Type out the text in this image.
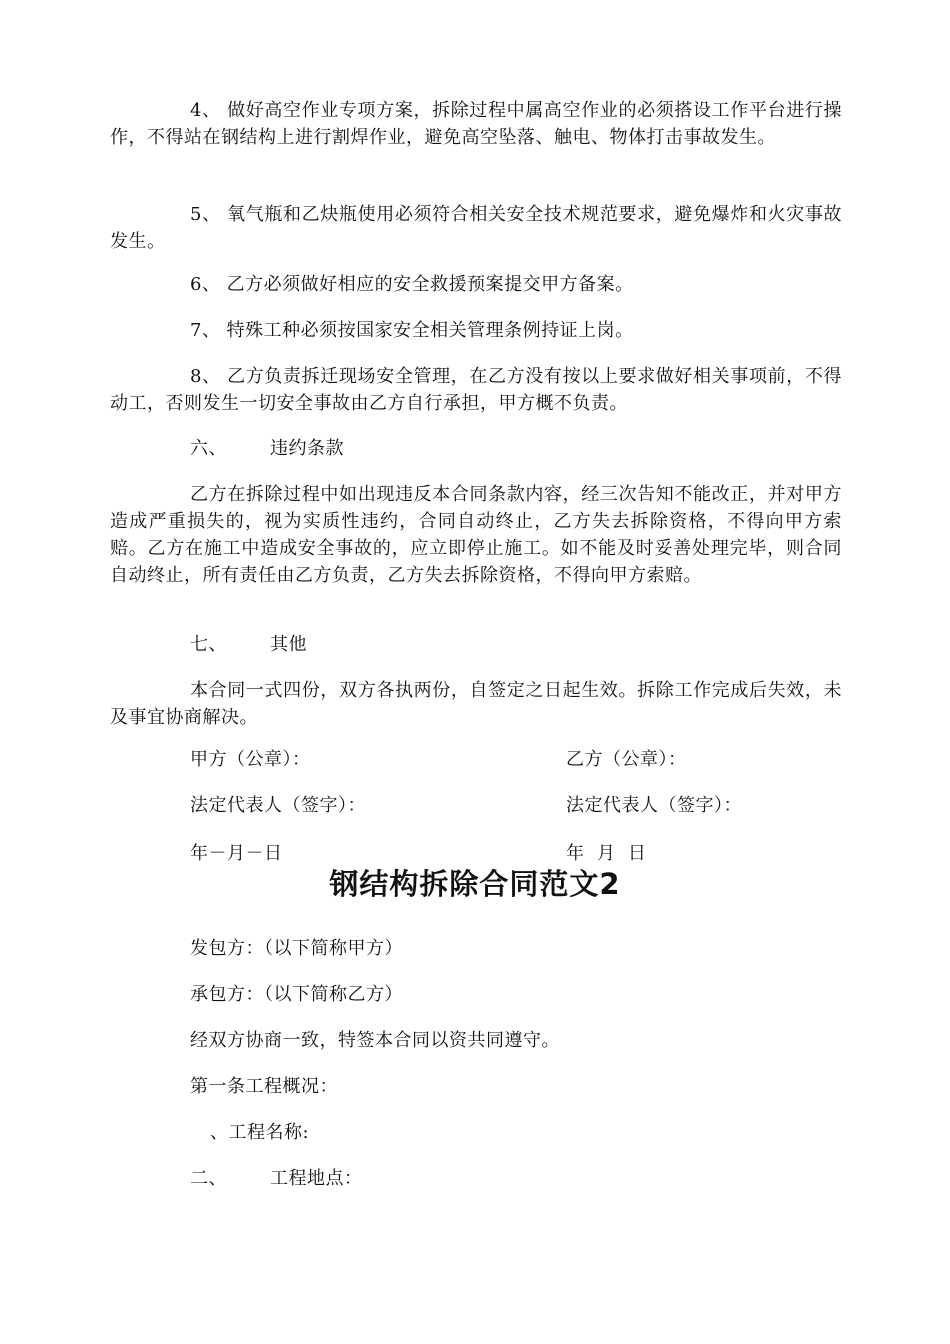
4、 做好高空作业专项方案，拆除过程中属高空作业的必须搭设工作平台进行操作，不得站在钢结构上进行割焊作业，避免高空坠落、触电、物体打击事故发生。

5、 氧气瓶和乙炔瓶使用必须符合相关安全技术规范要求，避免爆炸和火灾事故发生。

6、 乙方必须做好相应的安全救援预案提交甲方备案。

7、 特殊工种必须按国家安全相关管理条例持证上岗。

8、 乙方负责拆迁现场安全管理，在乙方没有按以上要求做好相关事项前，不得动工，否则发生一切安全事故由乙方自行承担，甲方概不负责。

六、 违约条款

乙方在拆除过程中如出现违反本合同条款内容，经三次告知不能改正，并对甲方造成严重损失的，视为实质性违约，合同自动终止，乙方失去拆除资格，不得向甲方索赔。乙方在施工中造成安全事故的，应立即停止施工。如不能及时妥善处理完毕，则合同自动终止，所有责任由乙方负责，乙方失去拆除资格，不得向甲方索赔。

七、 其他

本合同一式四份，双方各执两份，自签定之日起生效。拆除工作完成后失效，未及事宜协商解决。

甲方（公章）：	乙方（公章）：
法定代表人（签字）：	法定代表人（签字）：
年－月－日	年  月  日
钢结构拆除合同范文2
发包方：（以下简称甲方）
承包方：（以下简称乙方）
经双方协商一致，特签本合同以资共同遵守。
第一条工程概况：
、工程名称:
二、 工程地点：
